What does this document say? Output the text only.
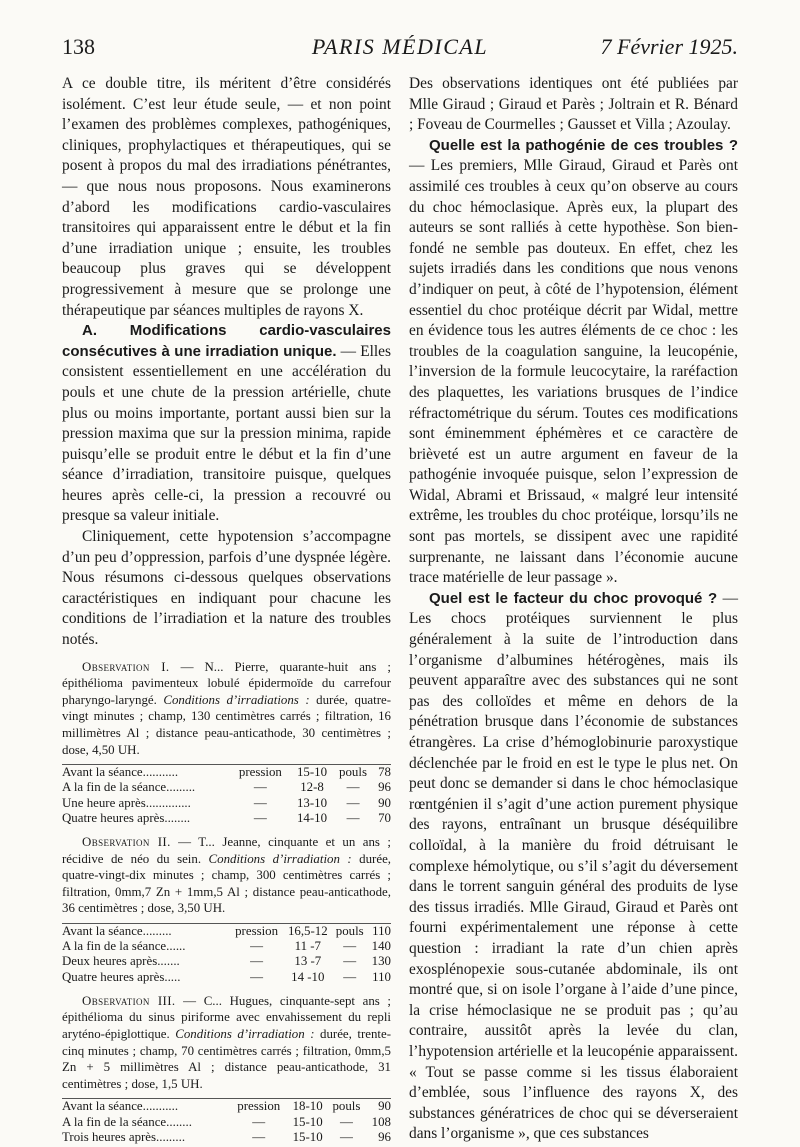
138	PARIS MÉDICAL	7 Février 1925.

A ce double titre, ils méritent d’être considérés isolément. C’est leur étude seule, — et non point l’examen des problèmes complexes, pathogéniques, cliniques, prophylactiques et thérapeutiques, qui se posent à propos du mal des irradiations pénétrantes, — que nous nous proposons. Nous examinerons d’abord les modifications cardio-vasculaires transitoires qui apparaissent entre le début et la fin d’une irradiation unique ; ensuite, les troubles beaucoup plus graves qui se développent progressivement à mesure que se prolonge une thérapeutique par séances multiples de rayons X.

A. Modifications cardio-vasculaires consécutives à une irradiation unique. — Elles consistent essentiellement en une accélération du pouls et une chute de la pression artérielle, chute plus ou moins importante, portant aussi bien sur la pression maxima que sur la pression minima, rapide puisqu’elle se produit entre le début et la fin d’une séance d’irradiation, transitoire puisque, quelques heures après celle-ci, la pression a recouvré ou presque sa valeur initiale.

Cliniquement, cette hypotension s’accompagne d’un peu d’oppression, parfois d’une dyspnée légère. Nous résumons ci-dessous quelques observations caractéristiques en indiquant pour chacune les conditions de l’irradiation et la nature des troubles notés.

Observation I. — N... Pierre, quarante-huit ans ; épithélioma pavimenteux lobulé épidermoïde du carrefour pharyngo-laryngé. Conditions d’irradiations : durée, quatre-vingt minutes ; champ, 130 centimètres carrés ; filtration, 16 millimètres Al ; distance peau-anticathode, 30 centimètres ; dose, 4,50 UH.

Avant la séance...........	pression	15-10	pouls	78
A la fin de la séance.........	—	12-8	—	96
Une heure après..............	—	13-10	—	90
Quatre heures après........	—	14-10	—	70

Observation II. — T... Jeanne, cinquante et un ans ; récidive de néo du sein. Conditions d’irradiation : durée, quatre-vingt-dix minutes ; champ, 300 centimètres carrés ; filtration, 0mm,7 Zn + 1mm,5 Al ; distance peau-anticathode, 36 centimètres ; dose, 3,50 UH.

Avant la séance.........	pression	16,5-12	pouls	110
A la fin de la séance......	—	11 -7	—	140
Deux heures après.......	—	13 -7	—	130
Quatre heures après.....	—	14 -10	—	110

Observation III. — C... Hugues, cinquante-sept ans ; épithélioma du sinus piriforme avec envahissement du repli aryténo-épiglottique. Conditions d’irradiation : durée, trente-cinq minutes ; champ, 70 centimètres carrés ; filtration, 0mm,5 Zn + 5 millimètres Al ; distance peau-anticathode, 31 centimètres ; dose, 1,5 UH.

Avant la séance...........	pression	18-10	pouls	90
A la fin de la séance........	—	15-10	—	108
Trois heures après.........	—	15-10	—	96

Des observations identiques ont été publiées par Mlle Giraud ; Giraud et Parès ; Joltrain et R. Bénard ; Foveau de Courmelles ; Gausset et Villa ; Azoulay.

Quelle est la pathogénie de ces troubles ? — Les premiers, Mlle Giraud, Giraud et Parès ont assimilé ces troubles à ceux qu’on observe au cours du choc hémoclasique. Après eux, la plupart des auteurs se sont ralliés à cette hypothèse. Son bien-fondé ne semble pas douteux. En effet, chez les sujets irradiés dans les conditions que nous venons d’indiquer on peut, à côté de l’hypotension, élément essentiel du choc protéique décrit par Widal, mettre en évidence tous les autres éléments de ce choc : les troubles de la coagulation sanguine, la leucopénie, l’inversion de la formule leucocytaire, la raréfaction des plaquettes, les variations brusques de l’indice réfractométrique du sérum. Toutes ces modifications sont éminemment éphémères et ce caractère de brièveté est un autre argument en faveur de la pathogénie invoquée puisque, selon l’expression de Widal, Abrami et Brissaud, « malgré leur intensité extrême, les troubles du choc protéique, lorsqu’ils ne sont pas mortels, se dissipent avec une rapidité surprenante, ne laissant dans l’économie aucune trace matérielle de leur passage ».

Quel est le facteur du choc provoqué ? — Les chocs protéiques surviennent le plus généralement à la suite de l’introduction dans l’organisme d’albumines hétérogènes, mais ils peuvent apparaître avec des substances qui ne sont pas des colloïdes et même en dehors de la pénétration brusque dans l’économie de substances étrangères. La crise d’hémoglobinurie paroxystique déclenchée par le froid en est le type le plus net. On peut donc se demander si dans le choc hémoclasique rœntgénien il s’agit d’une action purement physique des rayons, entraînant un brusque déséquilibre colloïdal, à la manière du froid détruisant le complexe hémolytique, ou s’il s’agit du déversement dans le torrent sanguin général des produits de lyse des tissus irradiés. Mlle Giraud, Giraud et Parès ont fourni expérimentalement une réponse à cette question : irradiant la rate d’un chien après exosplénopexie sous-cutanée abdominale, ils ont montré que, si on isole l’organe à l’aide d’une pince, la crise hémoclasique ne se produit pas ; qu’au contraire, aussitôt après la levée du clan, l’hypotension artérielle et la leucopénie apparaissent. « Tout se passe comme si les tissus élaboraient d’emblée, sous l’influence des rayons X, des substances génératrices de choc qui se déverseraient dans l’organisme », que ces substances
